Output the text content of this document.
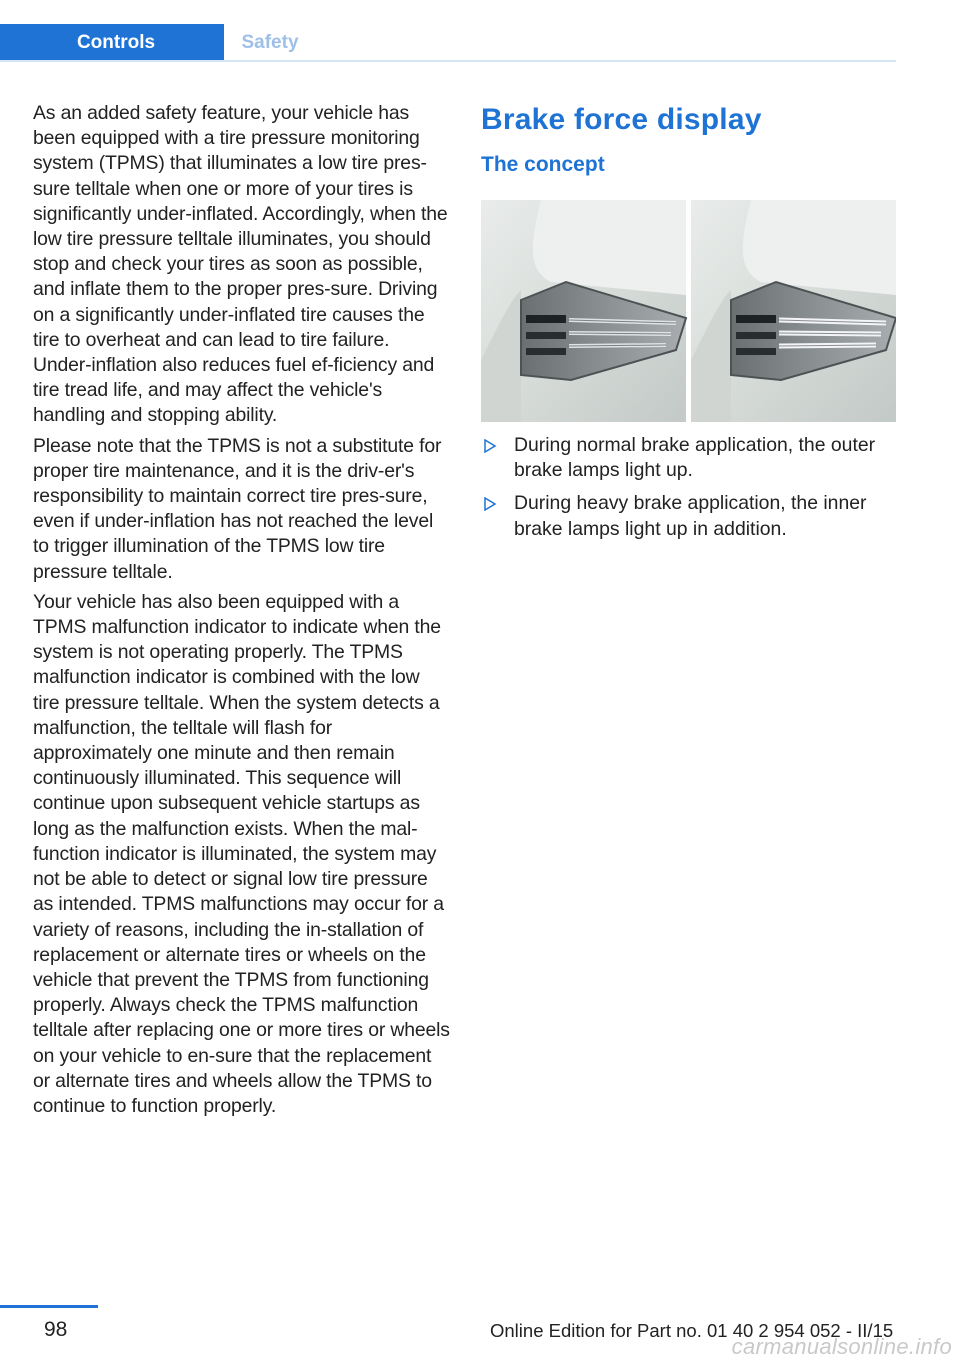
Controls	Safety

As an added safety feature, your vehicle has been equipped with a tire pressure monitoring system (TPMS) that illuminates a low tire pres-sure telltale when one or more of your tires is significantly under-inflated. Accordingly, when the low tire pressure telltale illuminates, you should stop and check your tires as soon as possible, and inflate them to the proper pres-sure. Driving on a significantly under-inflated tire causes the tire to overheat and can lead to tire failure. Under-inflation also reduces fuel ef-ficiency and tire tread life, and may affect the vehicle's handling and stopping ability.

Please note that the TPMS is not a substitute for proper tire maintenance, and it is the driv-er's responsibility to maintain correct tire pres-sure, even if under-inflation has not reached the level to trigger illumination of the TPMS low tire pressure telltale.

Your vehicle has also been equipped with a TPMS malfunction indicator to indicate when the system is not operating properly. The TPMS malfunction indicator is combined with the low tire pressure telltale. When the system detects a malfunction, the telltale will flash for approximately one minute and then remain continuously illuminated. This sequence will continue upon subsequent vehicle startups as long as the malfunction exists. When the mal-function indicator is illuminated, the system may not be able to detect or signal low tire pressure as intended. TPMS malfunctions may occur for a variety of reasons, including the in-stallation of replacement or alternate tires or wheels on the vehicle that prevent the TPMS from functioning properly. Always check the TPMS malfunction telltale after replacing one or more tires or wheels on your vehicle to en-sure that the replacement or alternate tires and wheels allow the TPMS to continue to function properly.

Brake force display
The concept
During normal brake application, the outer brake lamps light up.
During heavy brake application, the inner brake lamps light up in addition.
98	Online Edition for Part no. 01 40 2 954 052 - II/15
carmanualsonline.info
